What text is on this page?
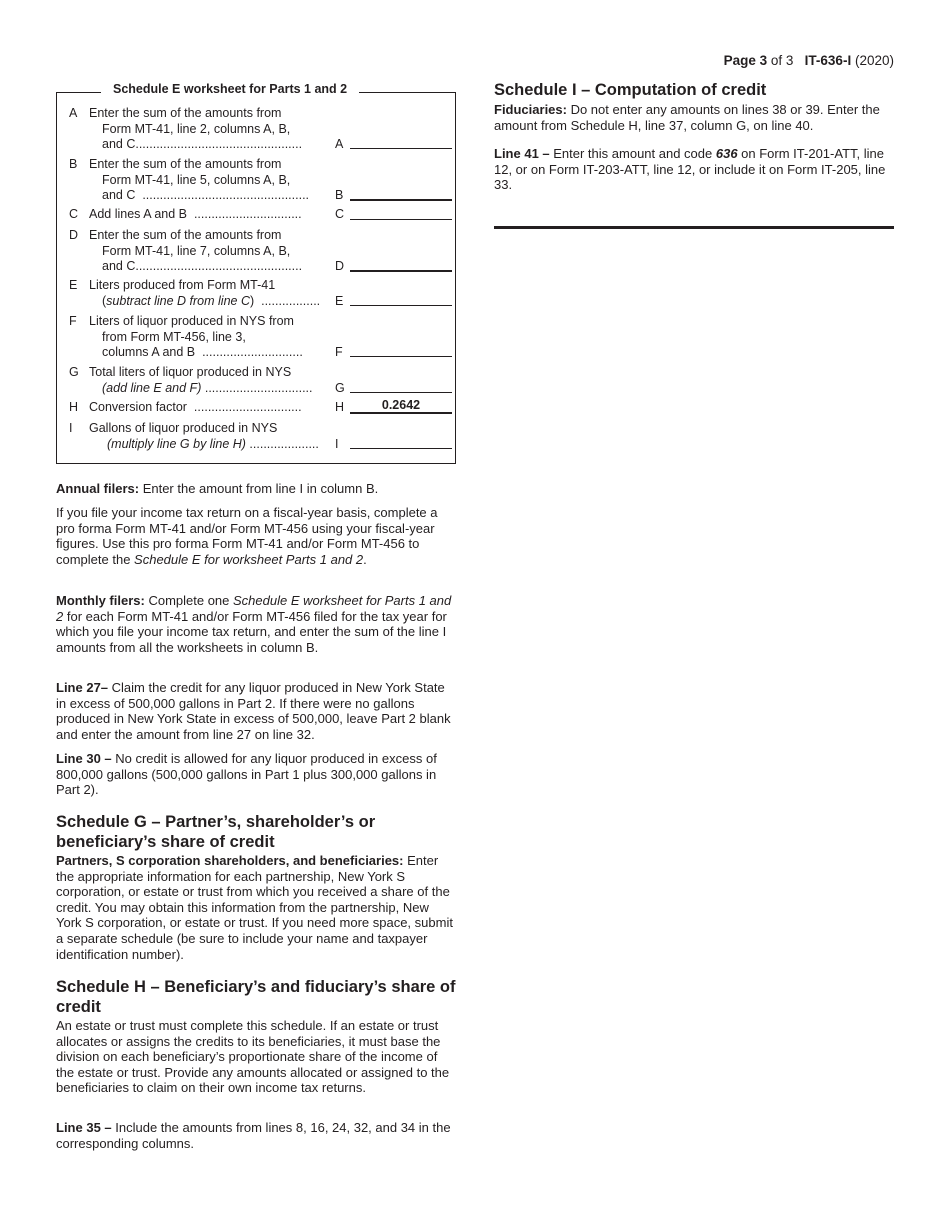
Page 3 of 3 IT-636-I (2020)
Schedule E worksheet for Parts 1 and 2
A Enter the sum of the amounts from
Form MT-41, line 2, columns A, B,
and C................................................	A
B Enter the sum of the amounts from
Form MT-41, line 5, columns A, B,
and C ................................................	B
C Add lines A and B ...............................	C
D Enter the sum of the amounts from
Form MT-41, line 7, columns A, B,
and C................................................	D
E Liters produced from Form MT-41
(subtract line D from line C) .................	E
F Liters of liquor produced in NYS from
from Form MT-456, line 3,
columns A and B .............................	F
G Total liters of liquor produced in NYS
(add line E and F) ...............................	G
H Conversion factor ...............................	H	0.2642
I	Gallons of liquor produced in NYS
(multiply line G by line H) ....................	I

Annual filers: Enter the amount from line I in column B.

If you file your income tax return on a fiscal-year basis, complete a pro forma Form MT-41 and/or Form MT-456 using your fiscal-year figures. Use this pro forma Form MT-41 and/or Form MT-456 to complete the Schedule E for worksheet Parts 1 and 2.

Monthly filers: Complete one Schedule E worksheet for Parts 1 and 2 for each Form MT-41 and/or Form MT-456 filed for the tax year for which you file your income tax return, and enter the sum of the line I amounts from all the worksheets in column B.

Line 27– Claim the credit for any liquor produced in New York State in excess of 500,000 gallons in Part 2. If there were no gallons produced in New York State in excess of 500,000, leave Part 2 blank and enter the amount from line 27 on line 32.

Line 30 – No credit is allowed for any liquor produced in excess of 800,000 gallons (500,000 gallons in Part 1 plus 300,000 gallons in Part 2).

Schedule G – Partner’s, shareholder’s or beneficiary’s share of credit

Partners, S corporation shareholders, and beneficiaries: Enter the appropriate information for each partnership, New York S corporation, or estate or trust from which you received a share of the credit. You may obtain this information from the partnership, New York S corporation, or estate or trust. If you need more space, submit a separate schedule (be sure to include your name and taxpayer identification number).

Schedule H – Beneficiary’s and fiduciary’s share of credit

An estate or trust must complete this schedule. If an estate or trust allocates or assigns the credits to its beneficiaries, it must base the division on each beneficiary’s proportionate share of the income of the estate or trust. Provide any amounts allocated or assigned to the beneficiaries to claim on their own income tax returns.

Line 35 – Include the amounts from lines 8, 16, 24, 32, and 34 in the corresponding columns.

Schedule I – Computation of credit

Fiduciaries: Do not enter any amounts on lines 38 or 39. Enter the amount from Schedule H, line 37, column G, on line 40.

Line 41 – Enter this amount and code 636 on Form IT-201-ATT, line 12, or on Form IT-203-ATT, line 12, or include it on Form IT-205, line 33.
